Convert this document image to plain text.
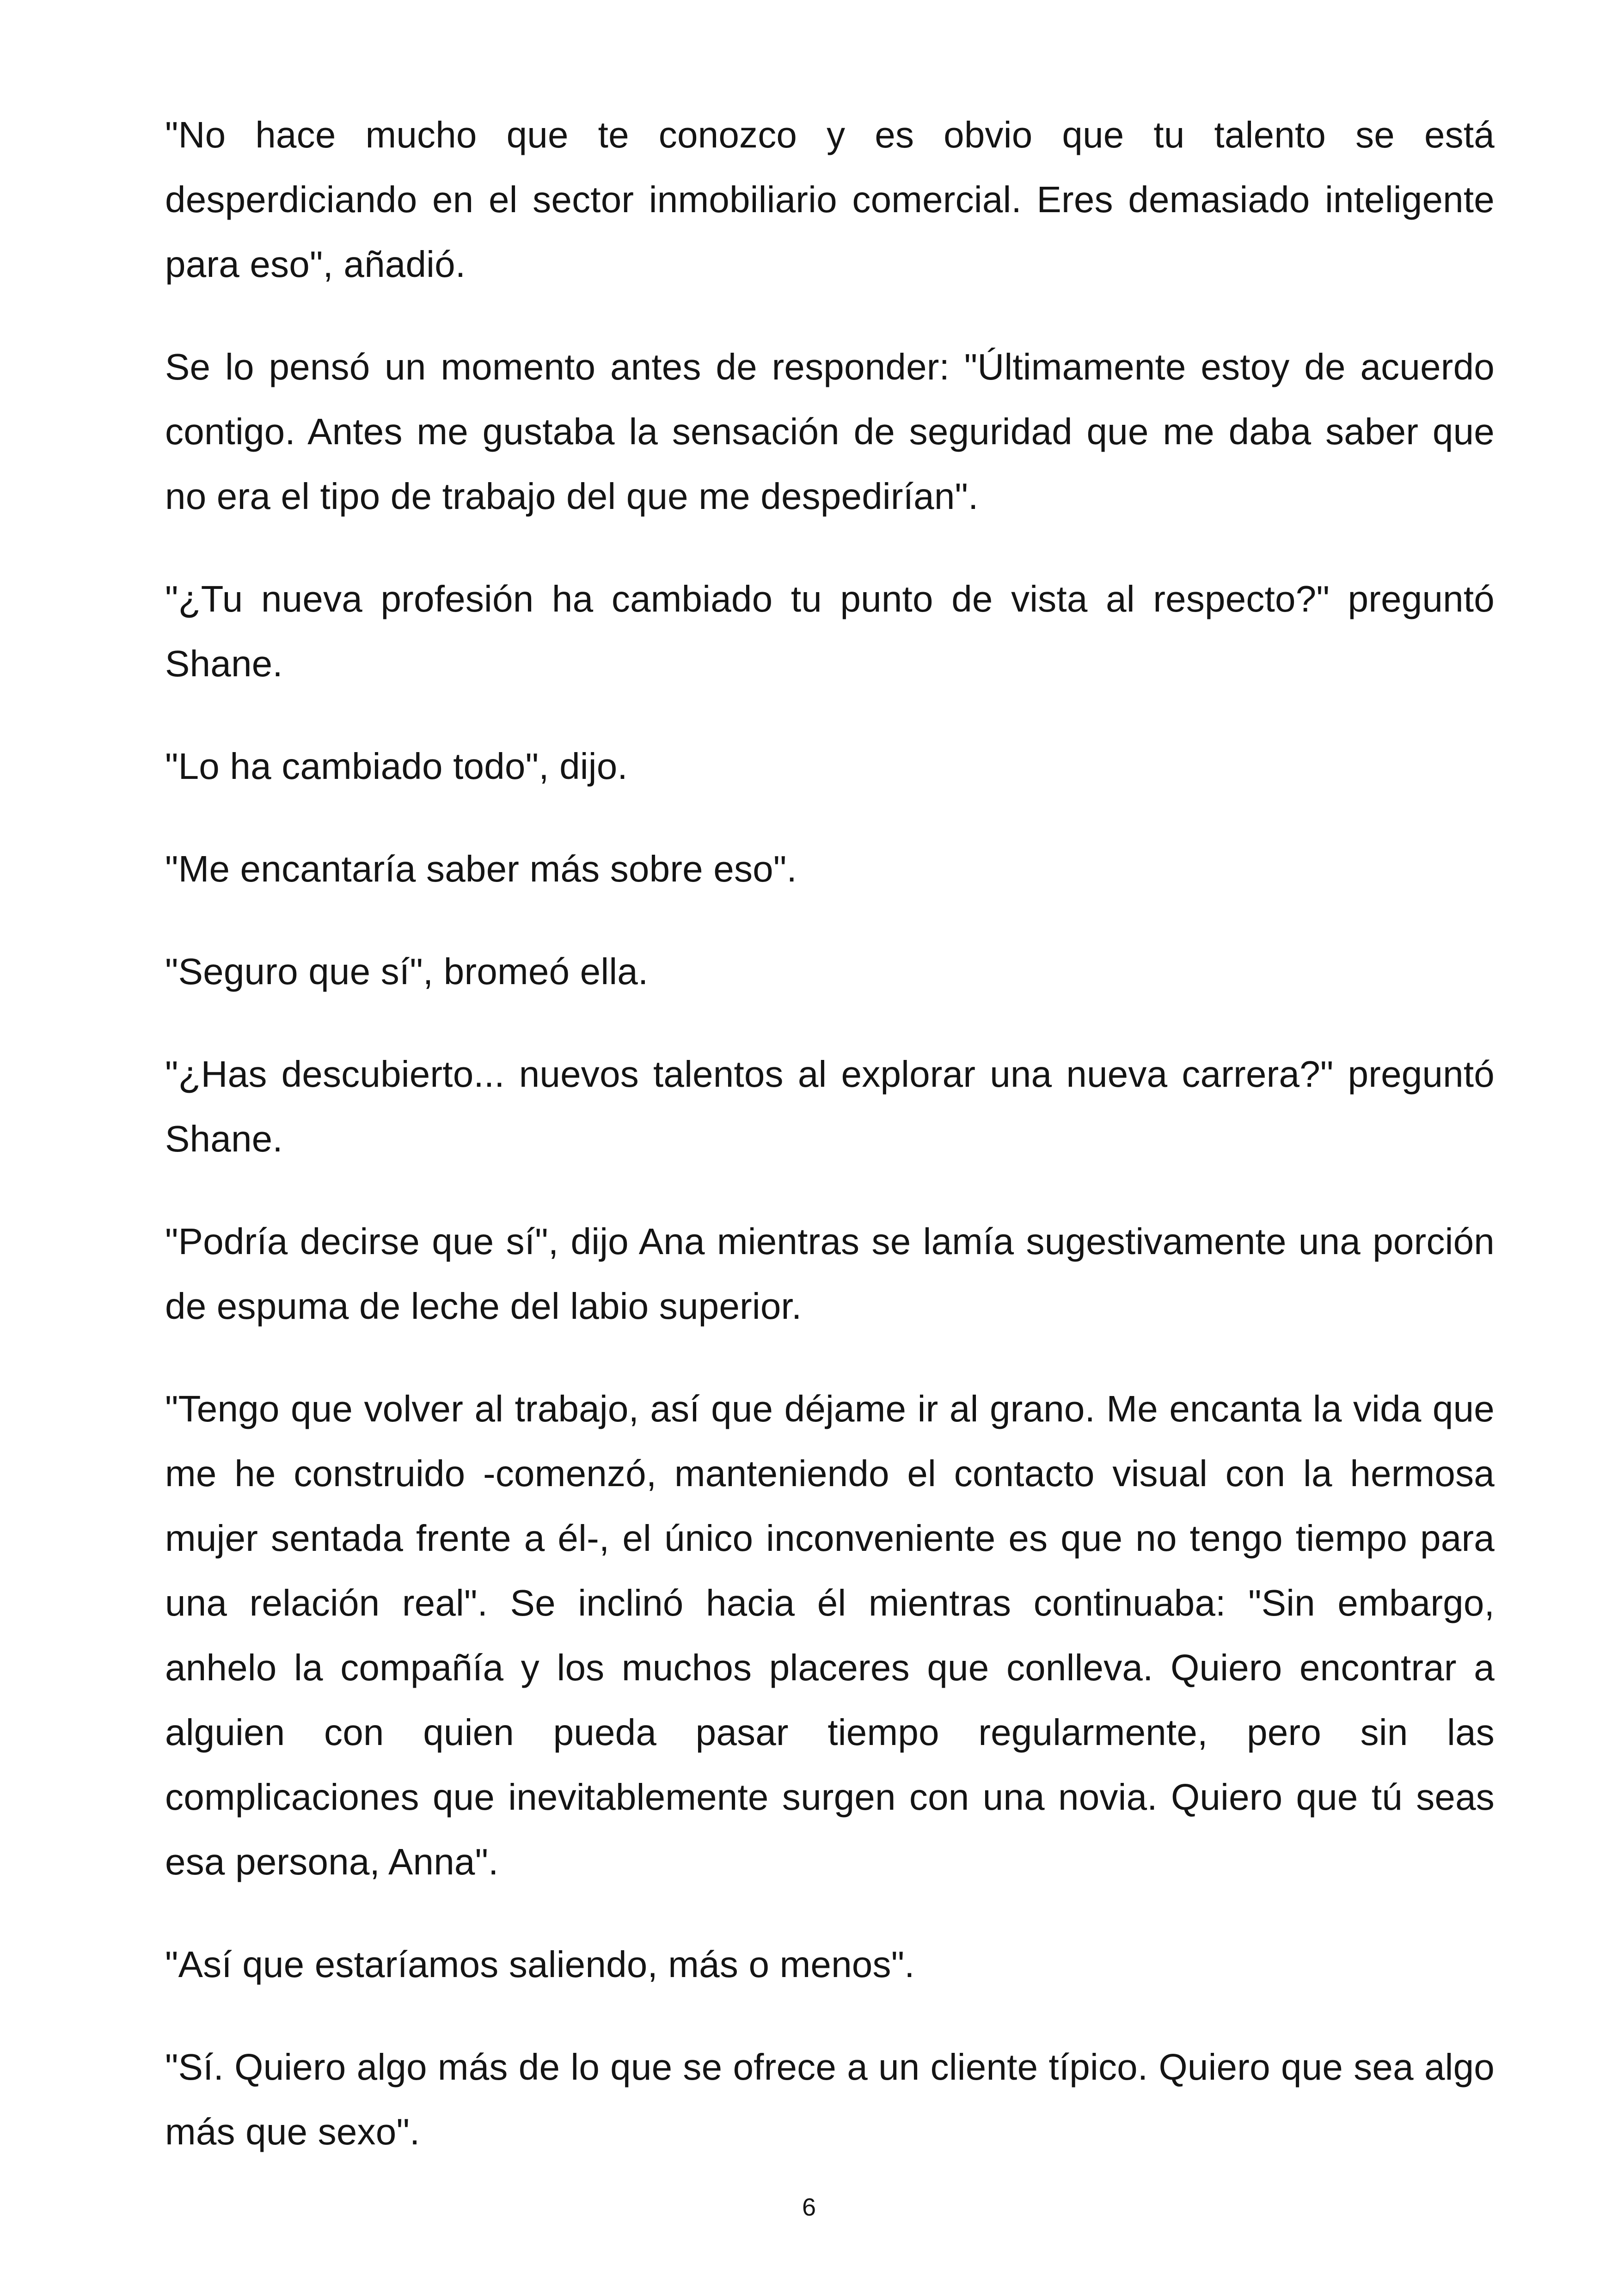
"No hace mucho que te conozco y es obvio que tu talento se está desperdiciando en el sector inmobiliario comercial. Eres demasiado inteligente para eso", añadió.

Se lo pensó un momento antes de responder: "Últimamente estoy de acuerdo contigo. Antes me gustaba la sensación de seguridad que me daba saber que no era el tipo de trabajo del que me despedirían".

"¿Tu nueva profesión ha cambiado tu punto de vista al respecto?" preguntó Shane.

"Lo ha cambiado todo", dijo.

"Me encantaría saber más sobre eso".

"Seguro que sí", bromeó ella.

"¿Has descubierto... nuevos talentos al explorar una nueva carrera?" preguntó Shane.

"Podría decirse que sí", dijo Ana mientras se lamía sugestivamente una porción de espuma de leche del labio superior.

"Tengo que volver al trabajo, así que déjame ir al grano. Me encanta la vida que me he construido -comenzó, manteniendo el contacto visual con la hermosa mujer sentada frente a él-, el único inconveniente es que no tengo tiempo para una relación real". Se inclinó hacia él mientras continuaba: "Sin embargo, anhelo la compañía y los muchos placeres que conlleva. Quiero encontrar a alguien con quien pueda pasar tiempo regularmente, pero sin las complicaciones que inevitablemente surgen con una novia. Quiero que tú seas esa persona, Anna".

"Así que estaríamos saliendo, más o menos".

"Sí. Quiero algo más de lo que se ofrece a un cliente típico. Quiero que sea algo más que sexo".

6
